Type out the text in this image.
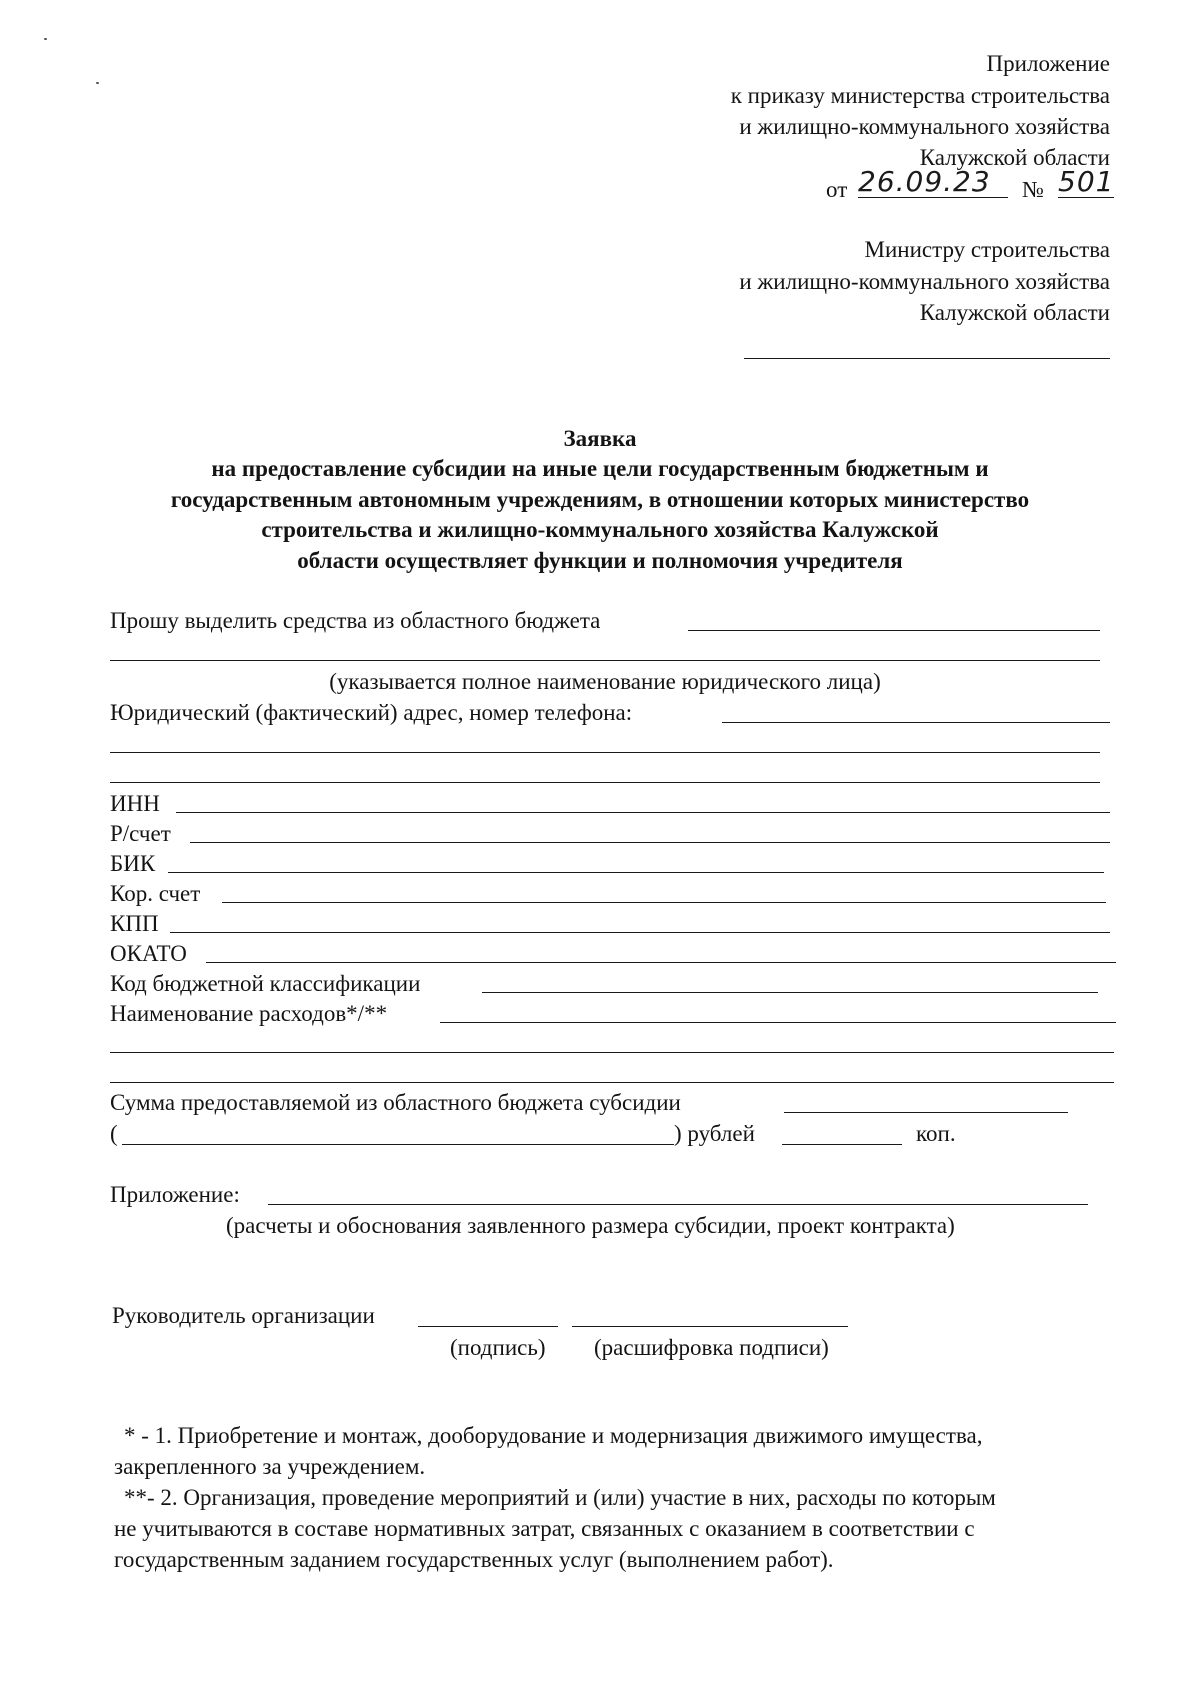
Приложение
к приказу министерства строительства
и жилищно-коммунального хозяйства
Калужской области
от 26.09.23 № 501
Министру строительства
и жилищно-коммунального хозяйства
Калужской области
Заявка
на предоставление субсидии на иные цели государственным бюджетным и
государственным автономным учреждениям, в отношении которых министерство
строительства и жилищно-коммунального хозяйства Калужской
области осуществляет функции и полномочия учредителя
Прошу выделить средства из областного бюджета
(указывается полное наименование юридического лица)
Юридический (фактический) адрес, номер телефона:
ИНН
Р/счет
БИК
Кор. счет
КПП
ОКАТО
Код бюджетной классификации
Наименование расходов*/**
Сумма предоставляемой из областного бюджета субсидии
(	) рублей	коп.
Приложение:
(расчеты и обоснования заявленного размера субсидии, проект контракта)
Руководитель организации
(подпись) (расшифровка подписи)
* - 1. Приобретение и монтаж, дооборудование и модернизация движимого имущества,
закрепленного за учреждением.
**- 2. Организация, проведение мероприятий и (или) участие в них, расходы по которым
не учитываются в составе нормативных затрат, связанных с оказанием в соответствии с
государственным заданием государственных услуг (выполнением работ).
